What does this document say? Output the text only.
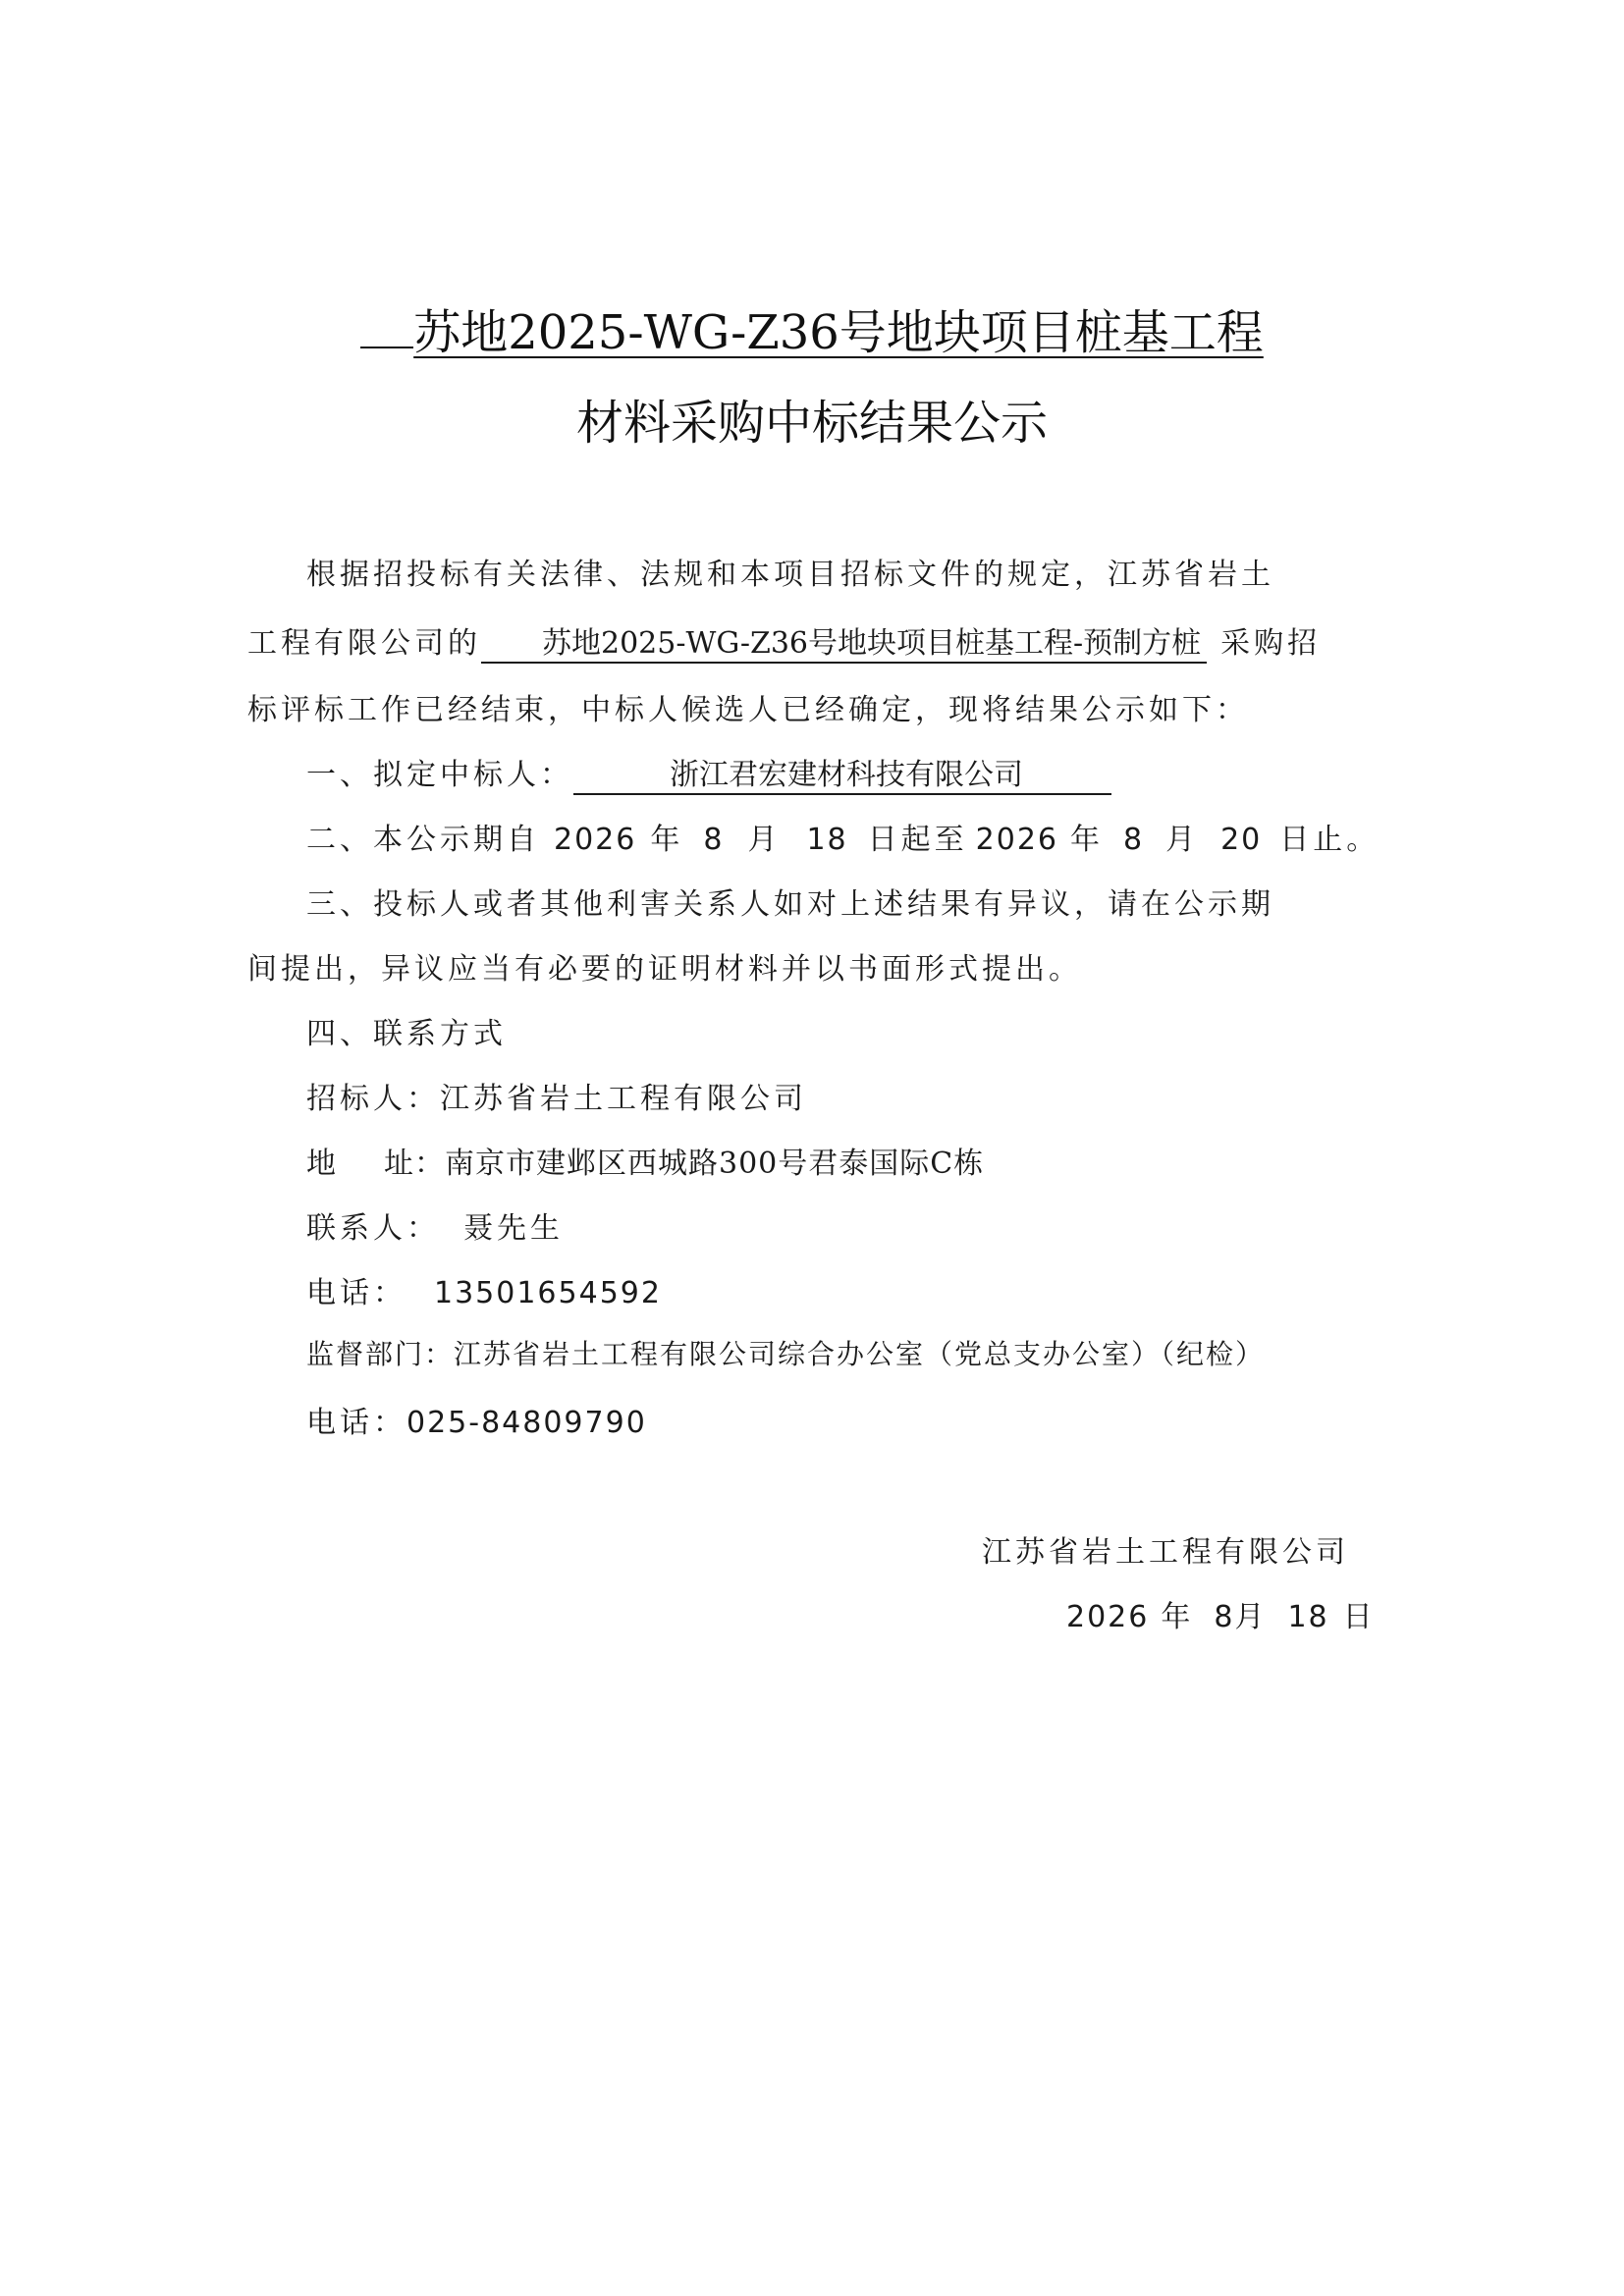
苏地2025-WG-Z36号地块项目桩基工程
材料采购中标结果公示
根据招投标有关法律、法规和本项目招标文件的规定，江苏省岩土
工程有限公司的 苏地2025-WG-Z36号地块项目桩基工程-预制方桩 采购招
标评标工作已经结束，中标人候选人已经确定，现将结果公示如下：
一、拟定中标人：	浙江君宏建材科技有限公司
二、本公示期自 2026 年 8 月 18 日起至 2026 年 8 月 20 日止。
三、投标人或者其他利害关系人如对上述结果有异议，请在公示期
间提出，异议应当有必要的证明材料并以书面形式提出。
四、联系方式
招标人：江苏省岩土工程有限公司
地 址：南京市建邺区西城路300号君泰国际C栋
联系人： 聂先生
电话： 13501654592
监督部门：江苏省岩土工程有限公司综合办公室（党总支办公室）（纪检）
电话：025-84809790
江苏省岩土工程有限公司
2026 年 8月 18 日
